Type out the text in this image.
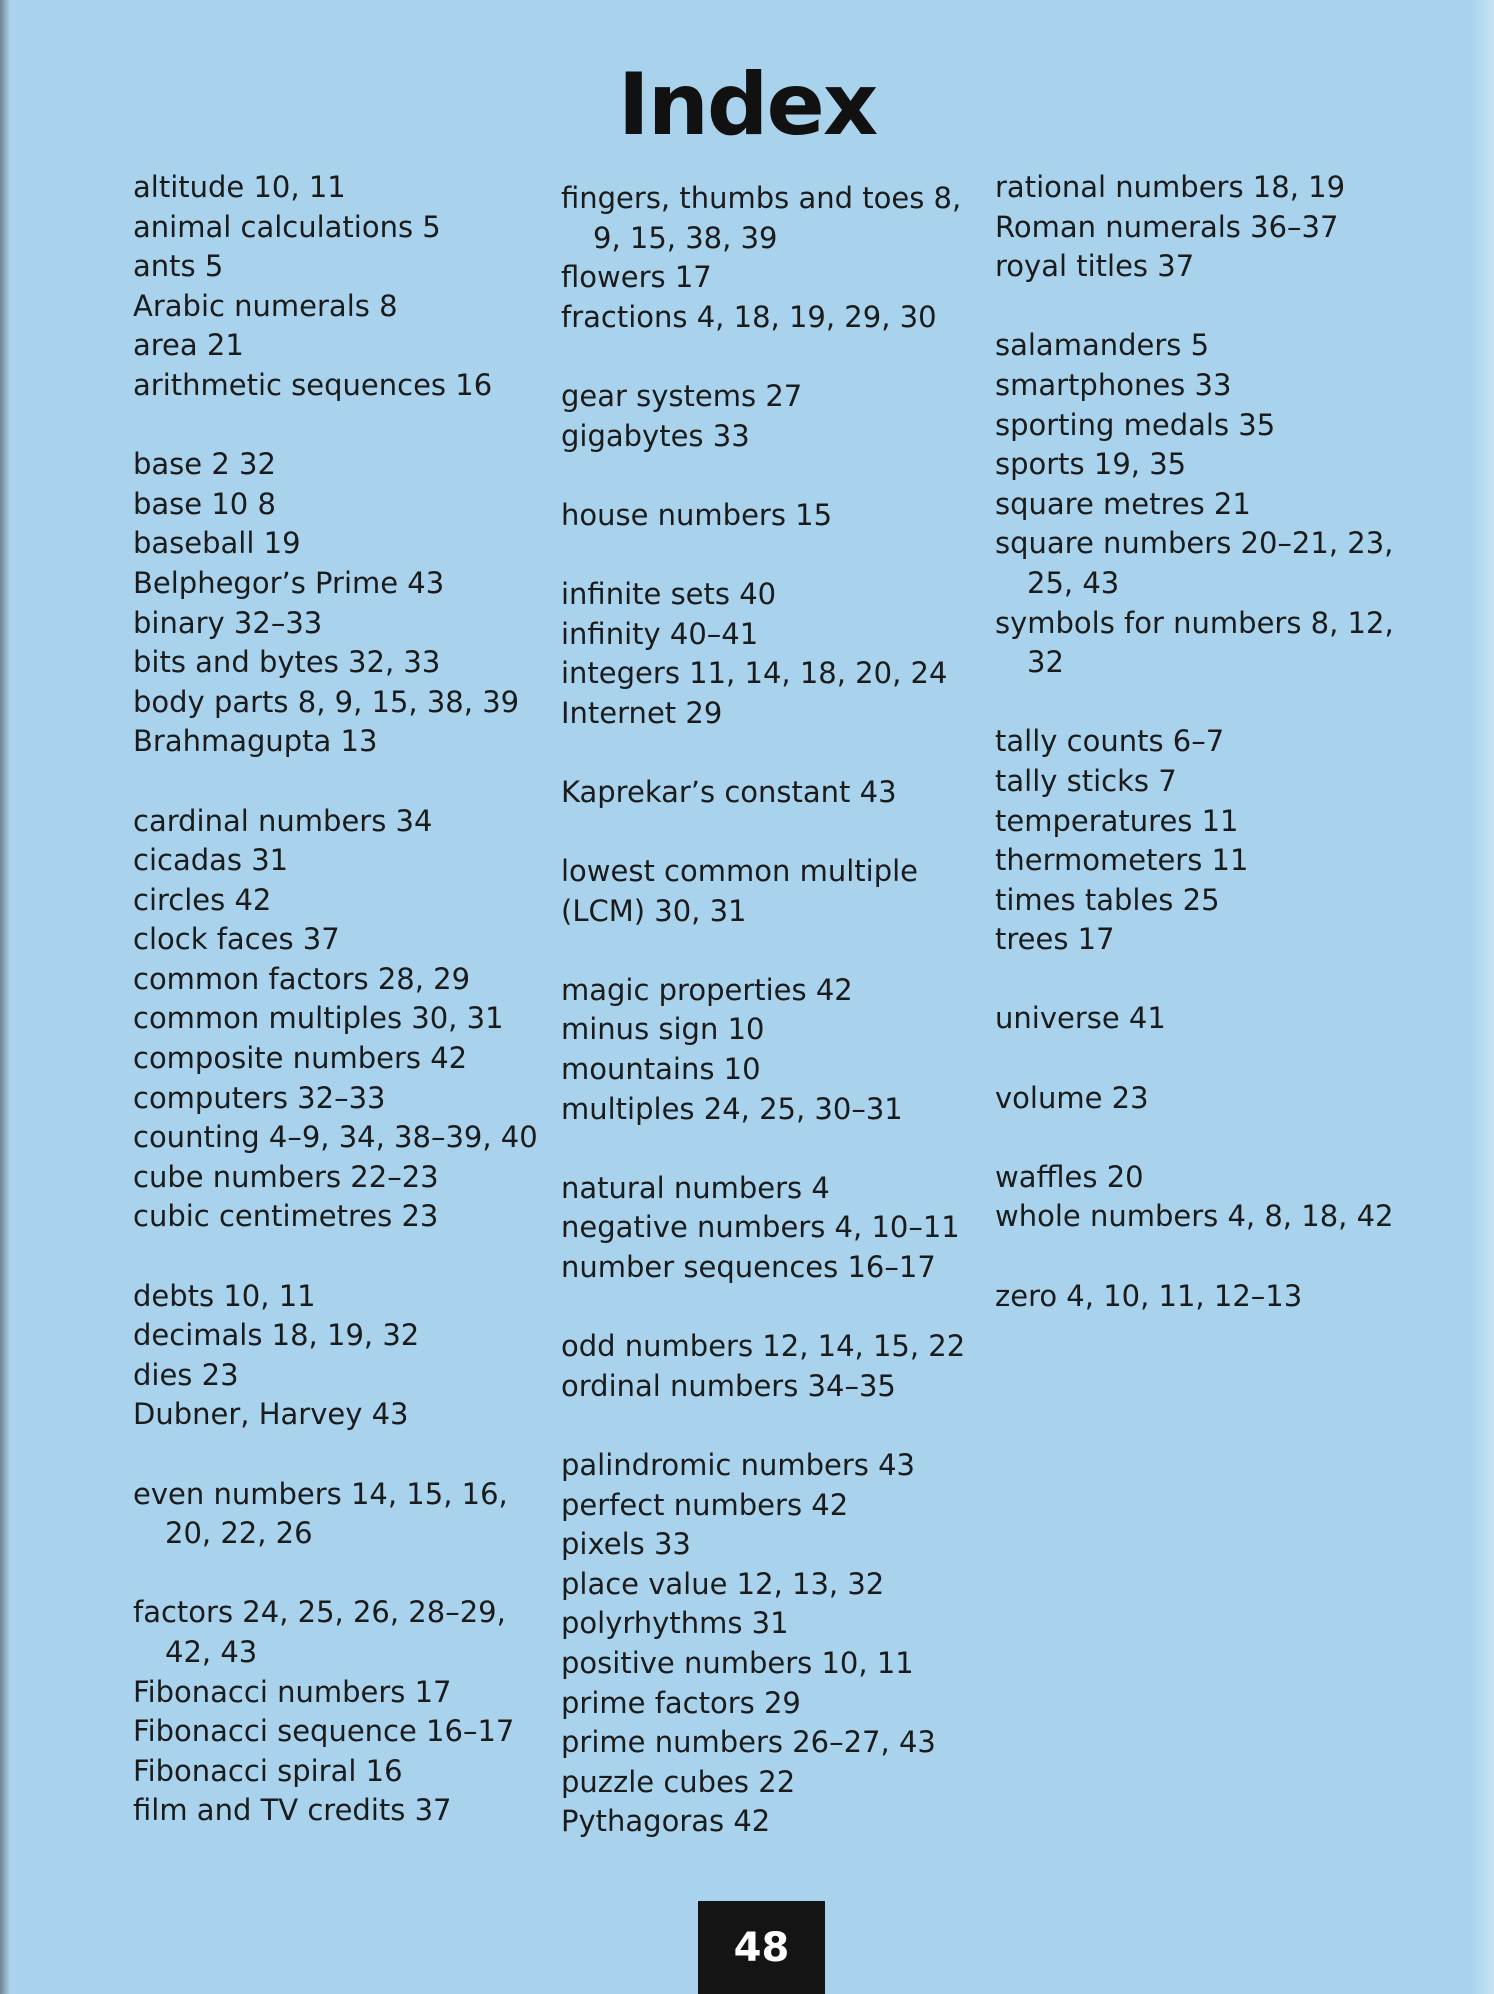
Index
altitude 10, 11
animal calculations 5
ants 5
Arabic numerals 8
area 21
arithmetic sequences 16
base 2 32
base 10 8
baseball 19
Belphegor’s Prime 43
binary 32–33
bits and bytes 32, 33
body parts 8, 9, 15, 38, 39
Brahmagupta 13
cardinal numbers 34
cicadas 31
circles 42
clock faces 37
common factors 28, 29
common multiples 30, 31
composite numbers 42
computers 32–33
counting 4–9, 34, 38–39, 40
cube numbers 22–23
cubic centimetres 23
debts 10, 11
decimals 18, 19, 32
dies 23
Dubner, Harvey 43
even numbers 14, 15, 16, 20, 22, 26
factors 24, 25, 26, 28–29, 42, 43
Fibonacci numbers 17
Fibonacci sequence 16–17
Fibonacci spiral 16
film and TV credits 37
fingers, thumbs and toes 8, 9, 15, 38, 39
flowers 17
fractions 4, 18, 19, 29, 30
gear systems 27
gigabytes 33
house numbers 15
infinite sets 40
infinity 40–41
integers 11, 14, 18, 20, 24
Internet 29
Kaprekar’s constant 43
lowest common multiple
(LCM) 30, 31
magic properties 42
minus sign 10
mountains 10
multiples 24, 25, 30–31
natural numbers 4
negative numbers 4, 10–11
number sequences 16–17
odd numbers 12, 14, 15, 22
ordinal numbers 34–35
palindromic numbers 43
perfect numbers 42
pixels 33
place value 12, 13, 32
polyrhythms 31
positive numbers 10, 11
prime factors 29
prime numbers 26–27, 43
puzzle cubes 22
Pythagoras 42
rational numbers 18, 19
Roman numerals 36–37
royal titles 37
salamanders 5
smartphones 33
sporting medals 35
sports 19, 35
square metres 21
square numbers 20–21, 23, 25, 43
symbols for numbers 8, 12, 32
tally counts 6–7
tally sticks 7
temperatures 11
thermometers 11
times tables 25
trees 17
universe 41
volume 23
waffles 20
whole numbers 4, 8, 18, 42
zero 4, 10, 11, 12–13
48
